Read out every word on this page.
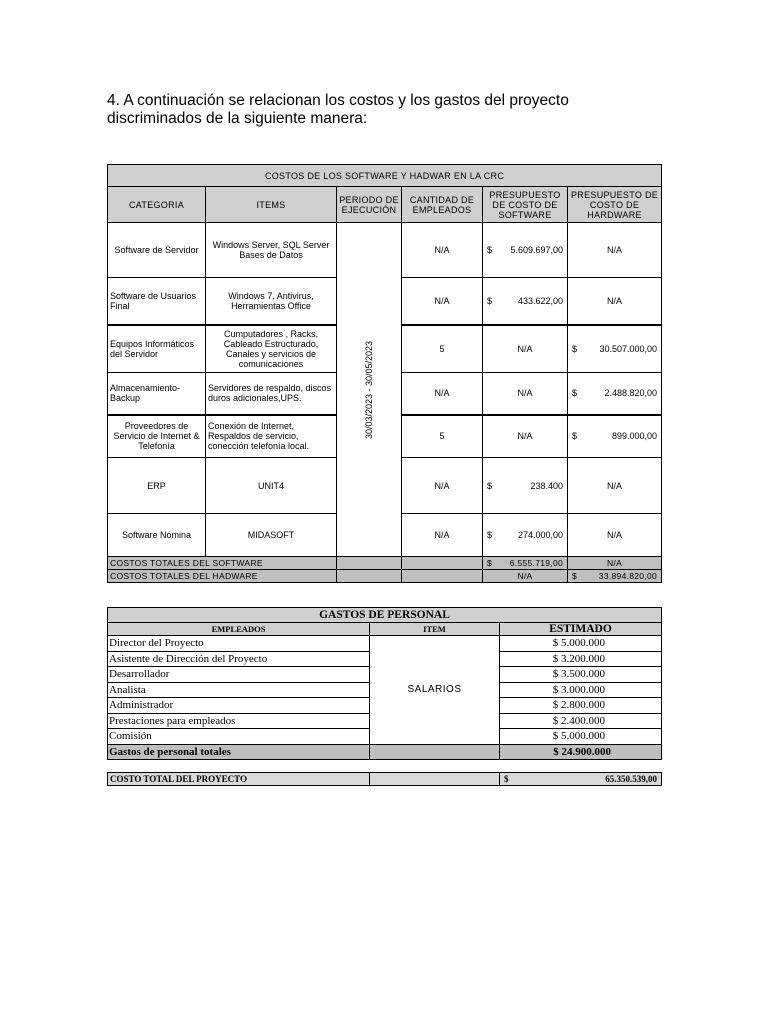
4. A continuación se relacionan los costos y los gastos del proyecto discriminados de la siguiente manera:

COSTOS DE LOS SOFTWARE Y HADWAR EN LA CRC					
CATEGORIA	ITEMS	PERIODO DE EJECUCIÓN	CANTIDAD DE EMPLEADOS	PRESUPUESTO DE COSTO DE SOFTWARE	PRESUPUESTO DE COSTO DE HARDWARE
Software de Servidor	Windows Server, SQL Server Bases de Datos	30/03/2023 - 30/05/2023	N/A	$ 5.609.697,00	N/A
Software de Usuarios Final	Windows 7, Antivirus, Herramientas Office		N/A	$ 433.622,00	N/A
Equipos Informáticos del Servidor	Cumputadores , Racks, Cableado Estructurado, Canales y servicios de comunicaciones		5	N/A	$ 30.507.000,00

Almacenamiento-Backup	Servidores de respaldo, discos duros adicionales,UPS.		N/A	N/A	$ 2.488.820,00

Proveedores de Servicio de Internet & Telefonía	Conexión de Internet, Respaldos de servicio, conección telefonía local.		5	N/A	$ 899.000,00

ERP	UNIT4		N/A	$ 238.400	N/A
Software Nómina	MIDASOFT		N/A	$ 274.000,00	N/A
COSTOS TOTALES DEL SOFTWARE				$ 6.555.719,00	N/A
COSTOS TOTALES DEL HADWARE				N/A	$ 33.894.820,00
GASTOS DE PERSONAL		
EMPLEADOS	ITEM	ESTIMADO
Director del Proyecto	SALARIOS	$ 5.000.000
Asistente de Dirección del Proyecto		$ 3.200.000
Desarrollador		$ 3.500.000
Analista		$ 3.000.000
Administrador		$ 2.800.000
Prestaciones para empleados		$ 2.400.000
Comisión		$ 5.000.000
Gastos de personal totales		$ 24.900.000
COSTO TOTAL DEL PROYECTO		$	65.350.539,00
